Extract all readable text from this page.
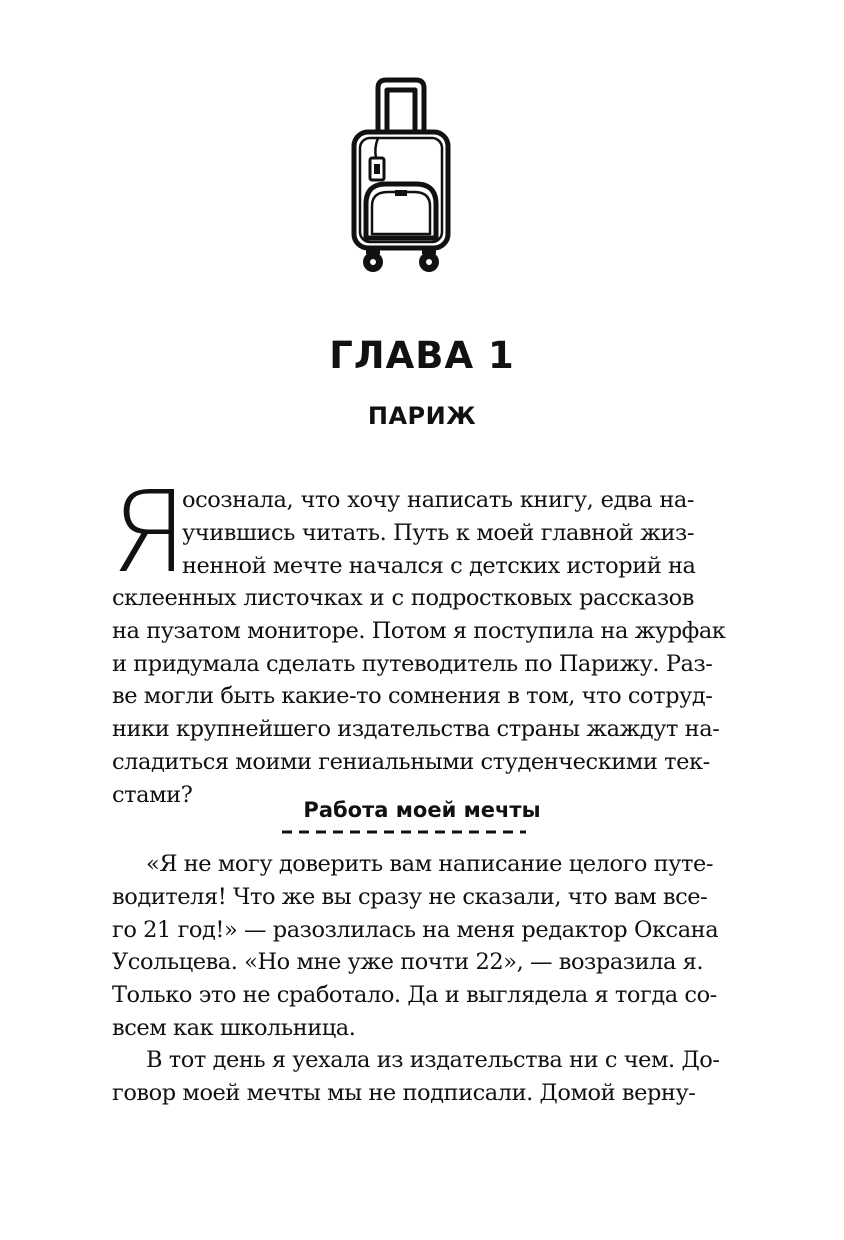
ГЛАВА 1
ПАРИЖ
Я
осознала, что хочу написать книгу, едва на-
учившись читать. Путь к моей главной жиз-
ненной мечте начался с детских историй на
склеенных листочках и с подростковых рассказов
на пузатом мониторе. Потом я поступила на журфак
и придумала сделать путеводитель по Парижу. Раз-
ве могли быть какие-то сомнения в том, что сотруд-
ники крупнейшего издательства страны жаждут на-
сладиться моими гениальными студенческими тек-
стами?
Работа моей мечты
«Я не могу доверить вам написание целого путе-
водителя! Что же вы сразу не сказали, что вам все-
го 21 год!» — разозлилась на меня редактор Оксана
Усольцева. «Но мне уже почти 22», — возразила я.
Только это не сработало. Да и выглядела я тогда со-
всем как школьница.
В тот день я уехала из издательства ни с чем. До-
говор моей мечты мы не подписали. Домой верну-
